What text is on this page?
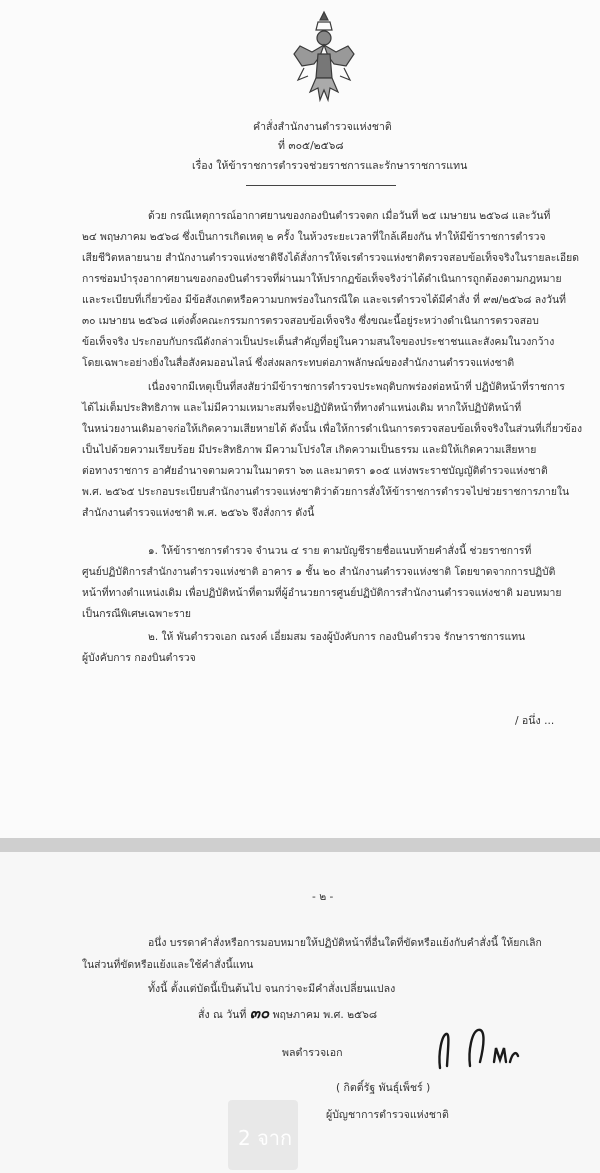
คำสั่งสำนักงานตำรวจแห่งชาติ
ที่ ๓๐๕/๒๕๖๘
เรื่อง ให้ข้าราชการตำรวจช่วยราชการและรักษาราชการแทน
ด้วย กรณีเหตุการณ์อากาศยานของกองบินตำรวจตก เมื่อวันที่ ๒๕ เมษายน ๒๕๖๘ และวันที่
๒๔ พฤษภาคม ๒๕๖๘ ซึ่งเป็นการเกิดเหตุ ๒ ครั้ง ในห้วงระยะเวลาที่ใกล้เคียงกัน ทำให้มีข้าราชการตำรวจ
เสียชีวิตหลายนาย สำนักงานตำรวจแห่งชาติจึงได้สั่งการให้จเรตำรวจแห่งชาติตรวจสอบข้อเท็จจริงในรายละเอียด
การซ่อมบำรุงอากาศยานของกองบินตำรวจที่ผ่านมาให้ปรากฏข้อเท็จจริงว่าได้ดำเนินการถูกต้องตามกฎหมาย
และระเบียบที่เกี่ยวข้อง มีข้อสังเกตหรือความบกพร่องในกรณีใด และจเรตำรวจได้มีคำสั่ง ที่ ๙๗/๒๕๖๘ ลงวันที่
๓๐ เมษายน ๒๕๖๘ แต่งตั้งคณะกรรมการตรวจสอบข้อเท็จจริง ซึ่งขณะนี้อยู่ระหว่างดำเนินการตรวจสอบ
ข้อเท็จจริง ประกอบกับกรณีดังกล่าวเป็นประเด็นสำคัญที่อยู่ในความสนใจของประชาชนและสังคมในวงกว้าง
โดยเฉพาะอย่างยิ่งในสื่อสังคมออนไลน์ ซึ่งส่งผลกระทบต่อภาพลักษณ์ของสำนักงานตำรวจแห่งชาติ
เนื่องจากมีเหตุเป็นที่สงสัยว่ามีข้าราชการตำรวจประพฤติบกพร่องต่อหน้าที่ ปฏิบัติหน้าที่ราชการ
ได้ไม่เต็มประสิทธิภาพ และไม่มีความเหมาะสมที่จะปฏิบัติหน้าที่ทางตำแหน่งเดิม หากให้ปฏิบัติหน้าที่
ในหน่วยงานเดิมอาจก่อให้เกิดความเสียหายได้ ดังนั้น เพื่อให้การดำเนินการตรวจสอบข้อเท็จจริงในส่วนที่เกี่ยวข้อง
เป็นไปด้วยความเรียบร้อย มีประสิทธิภาพ มีความโปร่งใส เกิดความเป็นธรรม และมิให้เกิดความเสียหาย
ต่อทางราชการ อาศัยอำนาจตามความในมาตรา ๖๓ และมาตรา ๑๐๕ แห่งพระราชบัญญัติตำรวจแห่งชาติ
พ.ศ. ๒๕๖๕ ประกอบระเบียบสำนักงานตำรวจแห่งชาติว่าด้วยการสั่งให้ข้าราชการตำรวจไปช่วยราชการภายใน
สำนักงานตำรวจแห่งชาติ พ.ศ. ๒๕๖๖ จึงสั่งการ ดังนี้
๑. ให้ข้าราชการตำรวจ จำนวน ๔ ราย ตามบัญชีรายชื่อแนบท้ายคำสั่งนี้ ช่วยราชการที่
ศูนย์ปฏิบัติการสำนักงานตำรวจแห่งชาติ อาคาร ๑ ชั้น ๒๐ สำนักงานตำรวจแห่งชาติ โดยขาดจากการปฏิบัติ
หน้าที่ทางตำแหน่งเดิม เพื่อปฏิบัติหน้าที่ตามที่ผู้อำนวยการศูนย์ปฏิบัติการสำนักงานตำรวจแห่งชาติ มอบหมาย
เป็นกรณีพิเศษเฉพาะราย
๒. ให้ พันตำรวจเอก ณรงค์ เอี่ยมสม รองผู้บังคับการ กองบินตำรวจ รักษาราชการแทน
ผู้บังคับการ กองบินตำรวจ
/ อนึ่ง ...
- ๒ -
อนึ่ง บรรดาคำสั่งหรือการมอบหมายให้ปฏิบัติหน้าที่อื่นใดที่ขัดหรือแย้งกับคำสั่งนี้ ให้ยกเลิก
ในส่วนที่ขัดหรือแย้งและใช้คำสั่งนี้แทน
ทั้งนี้ ตั้งแต่บัดนี้เป็นต้นไป จนกว่าจะมีคำสั่งเปลี่ยนแปลง
สั่ง ณ วันที่ ๓๐ พฤษภาคม พ.ศ. ๒๕๖๘
พลตำรวจเอก
( กิตติ์รัฐ พันธุ์เพ็ชร์ )
ผู้บัญชาการตำรวจแห่งชาติ
2 จาก
